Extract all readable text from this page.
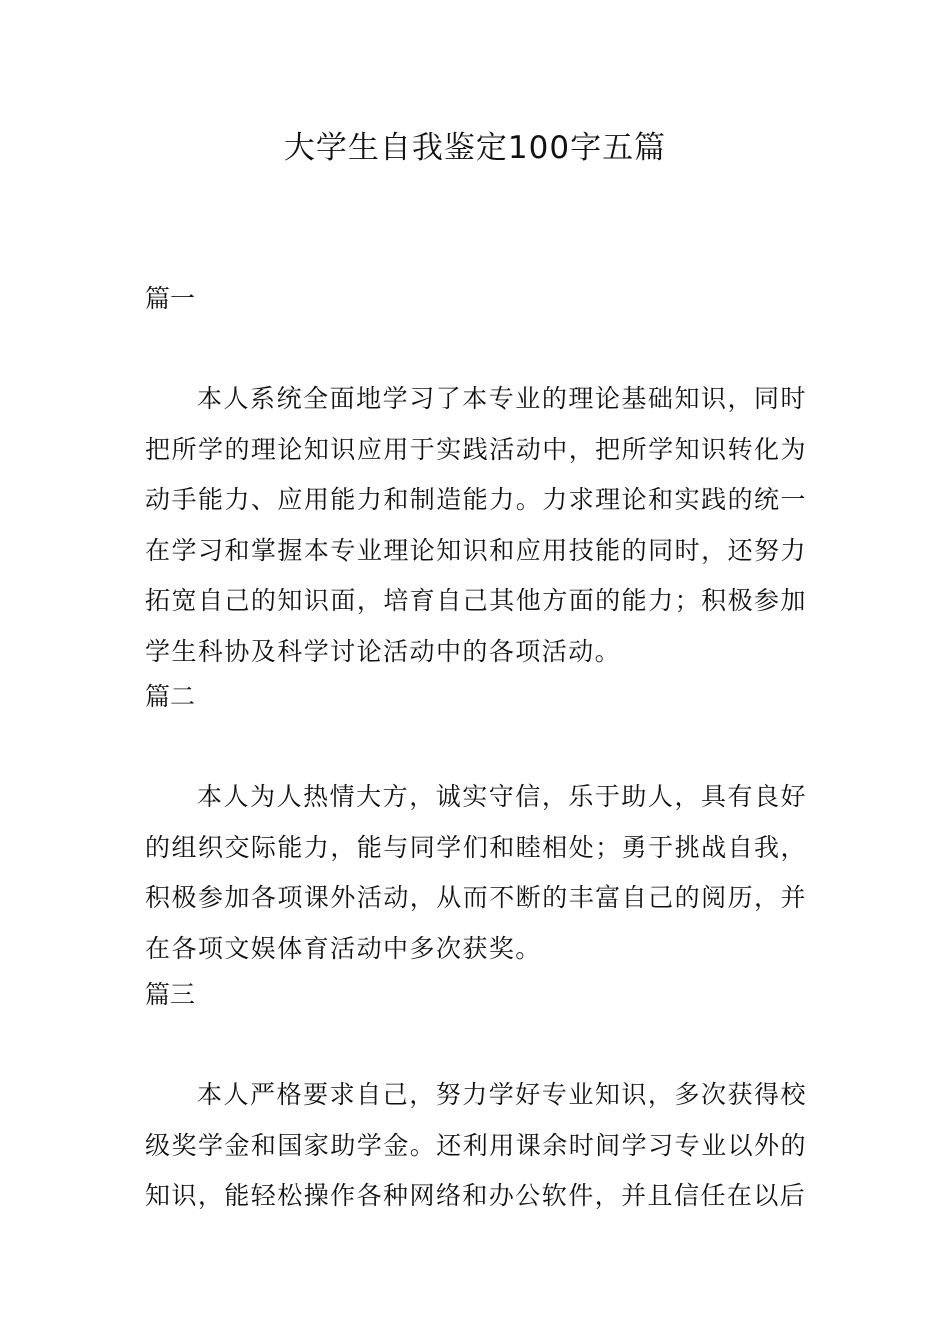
大学生自我鉴定100字五篇

篇一

本人系统全面地学习了本专业的理论基础知识，同时把所学的理论知识应用于实践活动中，把所学知识转化为动手能力、应用能力和制造能力。力求理论和实践的统一在学习和掌握本专业理论知识和应用技能的同时，还努力拓宽自己的知识面，培育自己其他方面的能力；积极参加学生科协及科学讨论活动中的各项活动。

篇二

本人为人热情大方，诚实守信，乐于助人，具有良好的组织交际能力，能与同学们和睦相处；勇于挑战自我，积极参加各项课外活动，从而不断的丰富自己的阅历，并在各项文娱体育活动中多次获奖。

篇三

本人严格要求自己，努力学好专业知识，多次获得校级奖学金和国家助学金。还利用课余时间学习专业以外的知识，能轻松操作各种网络和办公软件，并且信任在以后
